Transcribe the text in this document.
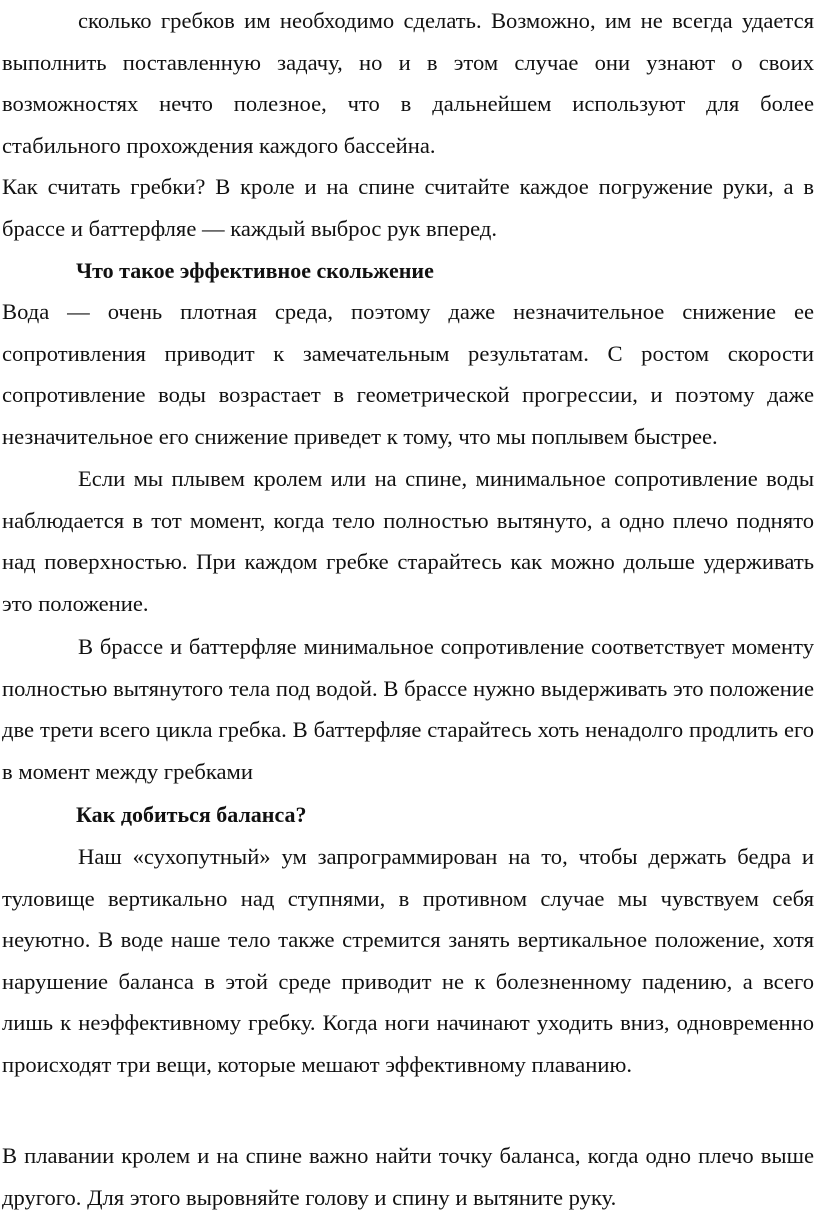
сколько гребков им необходимо сделать. Возможно, им не всегда удается выполнить поставленную задачу, но и в этом случае они узнают о своих возможностях нечто полезное, что в дальнейшем используют для более стабильного прохождения каждого бассейна.

Как считать гребки? В кроле и на спине считайте каждое погружение руки, а в брассе и баттерфляе — каждый выброс рук вперед.

Что такое эффективное скольжение

Вода — очень плотная среда, поэтому даже незначительное снижение ее сопротивления приводит к замечательным результатам. С ростом скорости сопротивление воды возрастает в геометрической прогрессии, и поэтому даже незначительное его снижение приведет к тому, что мы поплывем быстрее.

Если мы плывем кролем или на спине, минимальное сопротивление воды наблюдается в тот момент, когда тело полностью вытянуто, а одно плечо поднято над поверхностью. При каждом гребке старайтесь как можно дольше удерживать это положение.

В брассе и баттерфляе минимальное сопротивление соответствует моменту полностью вытянутого тела под водой. В брассе нужно выдерживать это положение две трети всего цикла гребка. В баттерфляе старайтесь хоть ненадолго продлить его в момент между гребками

Как добиться баланса?

Наш «сухопутный» ум запрограммирован на то, чтобы держать бедра и туловище вертикально над ступнями, в противном случае мы чувствуем себя неуютно. В воде наше тело также стремится занять вертикальное положение, хотя нарушение баланса в этой среде приводит не к болезненному падению, а всего лишь к неэффективному гребку. Когда ноги начинают уходить вниз, одновременно происходят три вещи, которые мешают эффективному плаванию.

В плавании кролем и на спине важно найти точку баланса, когда одно плечо выше другого. Для этого выровняйте голову и спину и вытяните руку.
